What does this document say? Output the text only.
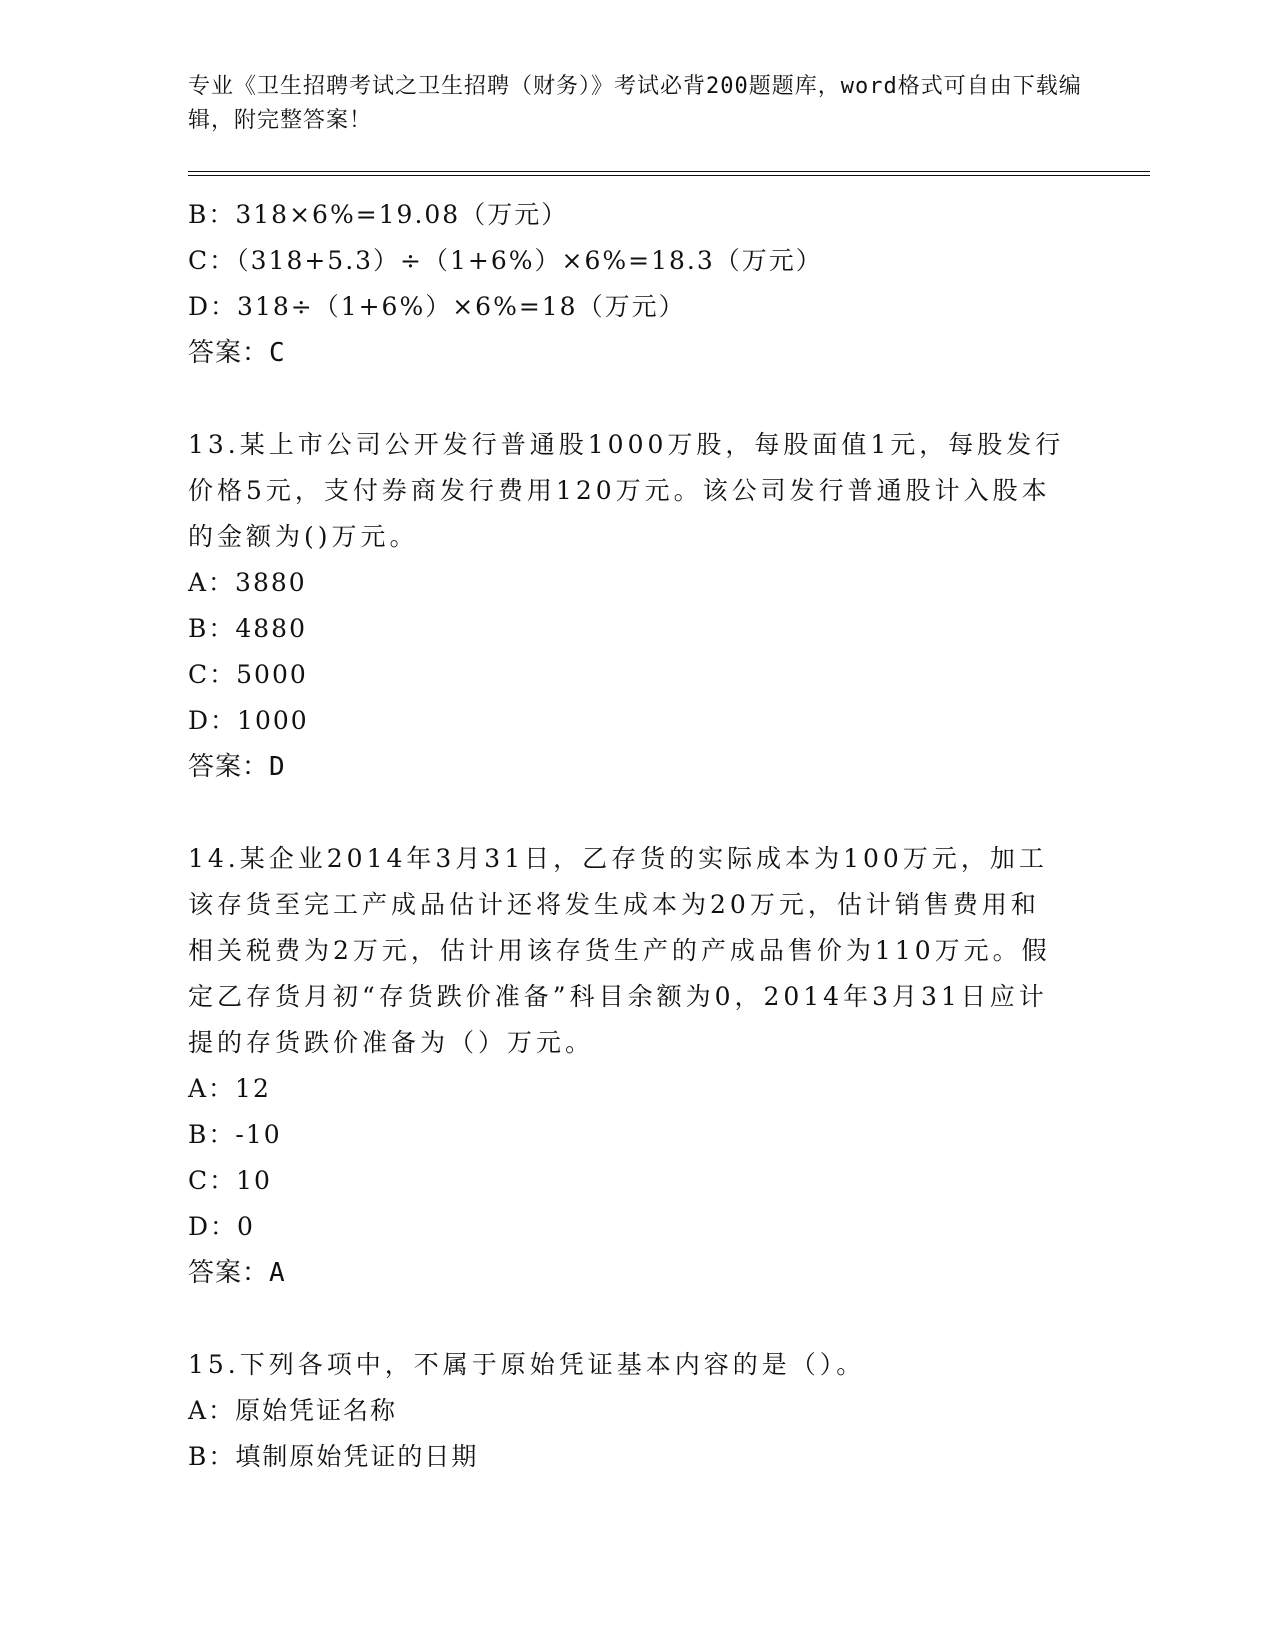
专业《卫生招聘考试之卫生招聘（财务）》考试必背200题题库，word格式可自由下载编辑，附完整答案！
B：318×6%=19.08（万元）
C：（318+5.3）÷（1+6%）×6%=18.3（万元）
D：318÷（1+6%）×6%=18（万元）
答案：C
13.某上市公司公开发行普通股1000万股，每股面值1元，每股发行价格5元，支付券商发行费用120万元。该公司发行普通股计入股本的金额为()万元。
A：3880
B：4880
C：5000
D：1000
答案：D
14.某企业2014年3月31日，乙存货的实际成本为100万元，加工该存货至完工产成品估计还将发生成本为20万元，估计销售费用和相关税费为2万元，估计用该存货生产的产成品售价为110万元。假定乙存货月初“存货跌价准备”科目余额为0，2014年3月31日应计提的存货跌价准备为（）万元。
A：12
B：-10
C：10
D：0
答案：A
15.下列各项中，不属于原始凭证基本内容的是（）。
A：原始凭证名称
B：填制原始凭证的日期
